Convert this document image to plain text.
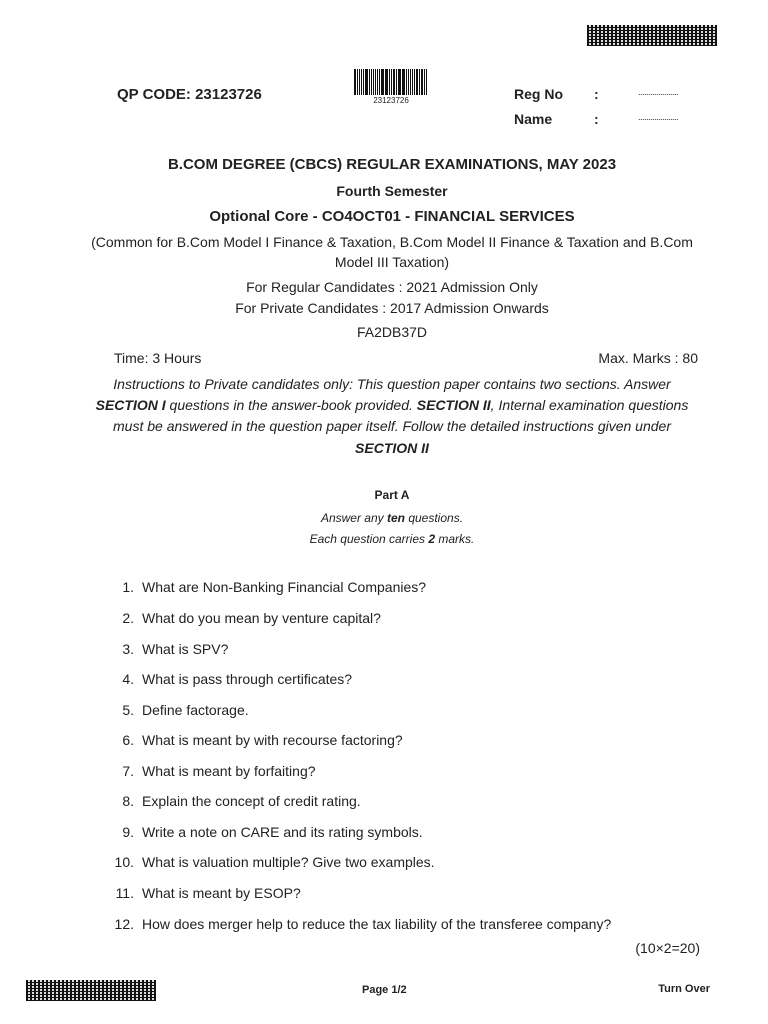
QP CODE: 23123726	23123726	Reg No :	....................
Name	:	....................
B.COM DEGREE (CBCS) REGULAR EXAMINATIONS, MAY 2023
Fourth Semester
Optional Core - CO4OCT01 - FINANCIAL SERVICES
(Common for B.Com Model I Finance & Taxation, B.Com Model II Finance & Taxation and B.Com
Model III Taxation)
For Regular Candidates : 2021 Admission Only
For Private Candidates : 2017 Admission Onwards
FA2DB37D
Time: 3 Hours	Max. Marks : 80
Instructions to Private candidates only: This question paper contains two sections. Answer
SECTION I questions in the answer-book provided. SECTION II, Internal examination questions
must be answered in the question paper itself. Follow the detailed instructions given under
SECTION II
Part A
Answer any ten questions.
Each question carries 2 marks.
1. What are Non-Banking Financial Companies?
2. What do you mean by venture capital?
3. What is SPV?
4. What is pass through certificates?
5. Define factorage.
6. What is meant by with recourse factoring?
7. What is meant by forfaiting?
8. Explain the concept of credit rating.
9. Write a note on CARE and its rating symbols.
10. What is valuation multiple? Give two examples.
11. What is meant by ESOP?
12. How does merger help to reduce the tax liability of the transferee company?
(10×2=20)
Page 1/2	Turn Over
